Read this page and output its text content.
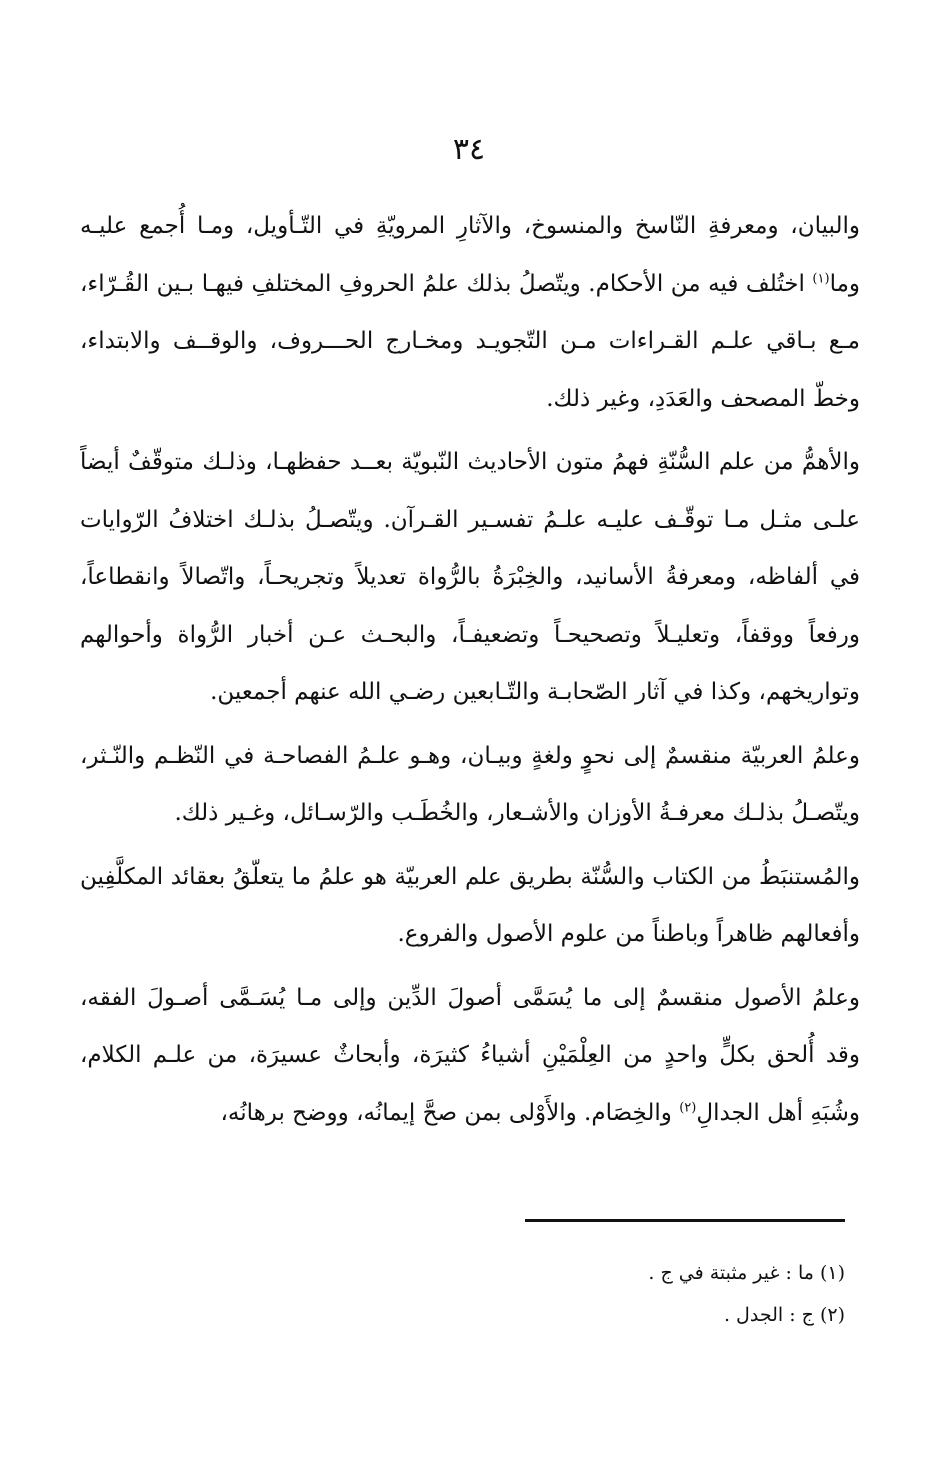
٣٤

والبيان، ومعرفةِ النّاسخ والمنسوخ، والآثارِ المرويّةِ في التّـأويل، ومـا أُجمع عليـه وما$^{(١)}$ اختُلف فيه من الأحكام. ويتّصلُ بذلك علمُ الحروفِ المختلفِ فيهـا بـين القُـرّاء، مـع بـاقي علـم القـراءات مـن التّجويـد ومخـارج الحـــروف، والوقــف والابتداء، وخطّ المصحف والعَدَدِ، وغير ذلك.

والأهمُّ من علم السُّنّةِ فهمُ متون الأحاديث النّبويّة بعــد حفظهـا، وذلـك متوقّفٌ أيضاً علـى مثـل مـا توقّـف عليـه علـمُ تفسـير القـرآن. ويتّصـلُ بذلـك اختلافُ الرّوايات في ألفاظه، ومعرفةُ الأسانيد، والخِبْرَةُ بالرُّواة تعديلاً وتجريحـاً، واتّصالاً وانقطاعاً، ورفعاً ووقفاً، وتعليـلاً وتصحيحـاً وتضعيفـاً، والبحـث عـن أخبار الرُّواة وأحوالهم وتواريخهم، وكذا في آثار الصّحابـة والتّـابعين رضـي الله عنهم أجمعين.

وعلمُ العربيّة منقسمٌ إلى نحوٍ ولغةٍ وبيـان، وهـو علـمُ الفصاحـة في النّظـم والنّـثر، ويتّصـلُ بذلـك معرفـةُ الأوزان والأشـعار، والخُطَـب والرّسـائل، وغـير ذلك.

والمُستنبَطُ من الكتاب والسُّنّة بطريق علم العربيّة هو علمُ ما يتعلّقُ بعقائد المكلَّفِين وأفعالهم ظاهراً وباطناً من علوم الأصول والفروع.

وعلمُ الأصول منقسمٌ إلى ما يُسَمَّى أصولَ الدِّين وإلى مـا يُسَـمَّى أصـولَ الفقه، وقد أُلحق بكلٍّ واحدٍ من العِلْمَيْنِ أشياءُ كثيرَة، وأبحاثٌ عسيرَة، من علـم الكلام، وشُبَهِ أهل الجدالِ$^{(٢)}$ والخِصَام. والأَوْلى بمن صحَّ إيمانُه، ووضح برهانُه،

(١) ما : غير مثبتة في ج .

(٢) ج : الجدل .
